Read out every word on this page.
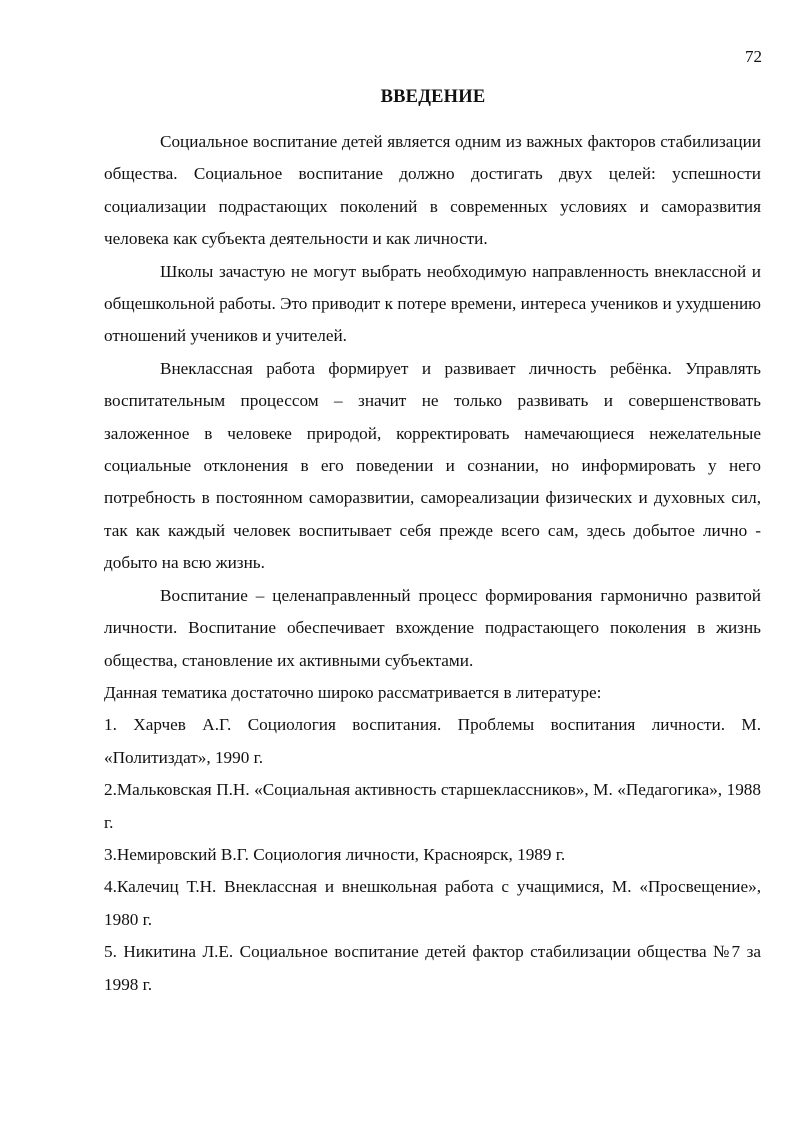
72
ВВЕДЕНИЕ

Социальное воспитание детей является одним из важных факторов стабилизации общества. Социальное воспитание должно достигать двух целей: успешности социализации подрастающих поколений в современных условиях и саморазвития человека как субъекта деятельности и как личности.

Школы зачастую не могут выбрать необходимую направленность внеклассной и общешкольной работы. Это приводит к потере времени, интереса учеников и ухудшению отношений учеников и учителей.

Внеклассная работа формирует и развивает личность ребёнка. Управлять воспитательным процессом – значит не только развивать и совершенствовать заложенное в человеке природой, корректировать намечающиеся нежелательные социальные отклонения в его поведении и сознании, но информировать у него потребность в постоянном саморазвитии, самореализации физических и духовных сил, так как каждый человек воспитывает себя прежде всего сам, здесь добытое лично - добыто на всю жизнь.

Воспитание – целенаправленный процесс формирования гармонично развитой личности. Воспитание обеспечивает вхождение подрастающего поколения в жизнь общества, становление их активными субъектами.

Данная тематика достаточно широко рассматривается в литературе:

1. Харчев А.Г. Социология воспитания. Проблемы воспитания личности. М. «Политиздат», 1990 г.
2.Мальковская П.Н. «Социальная активность старшеклассников», М. «Педагогика», 1988 г.
3.Немировский В.Г. Социология личности, Красноярск, 1989 г.
4.Калечиц Т.Н. Внеклассная и внешкольная работа с учащимися, М. «Просвещение», 1980 г.
5. Никитина Л.Е. Социальное воспитание детей фактор стабилизации общества №7 за 1998 г.
